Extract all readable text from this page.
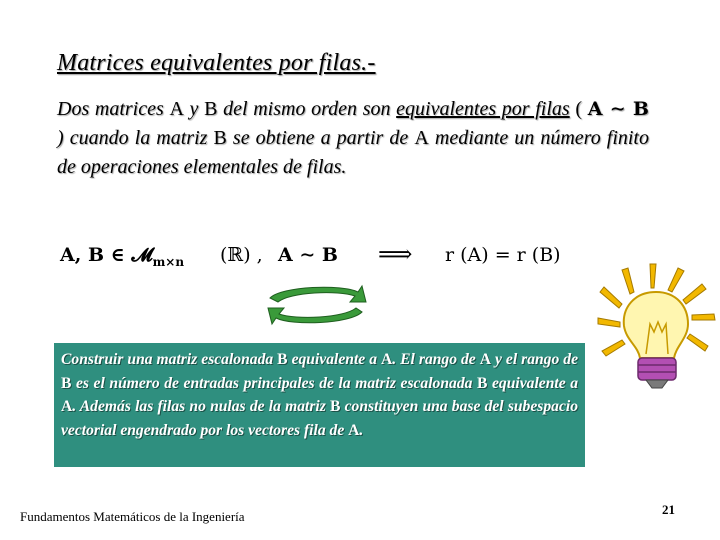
Matrices equivalentes por filas.-
Dos matrices A y B del mismo orden son equivalentes por filas ( A ∼ B ) cuando la matriz B se obtiene a partir de A mediante un número finito de operaciones elementales de filas.
A, B ∈ 𝓜$_{m\times n}$ (ℝ) , A ∼ B ⟹ r (A) = r (B)
Construir una matriz escalonada B equivalente a A. El rango de A y el rango de B es el número de entradas principales de la matriz escalonada B equivalente a A. Además las filas no nulas de la matriz B constituyen una base del subespacio vectorial engendrado por los vectores fila de A.
Fundamentos Matemáticos de la Ingeniería	21
